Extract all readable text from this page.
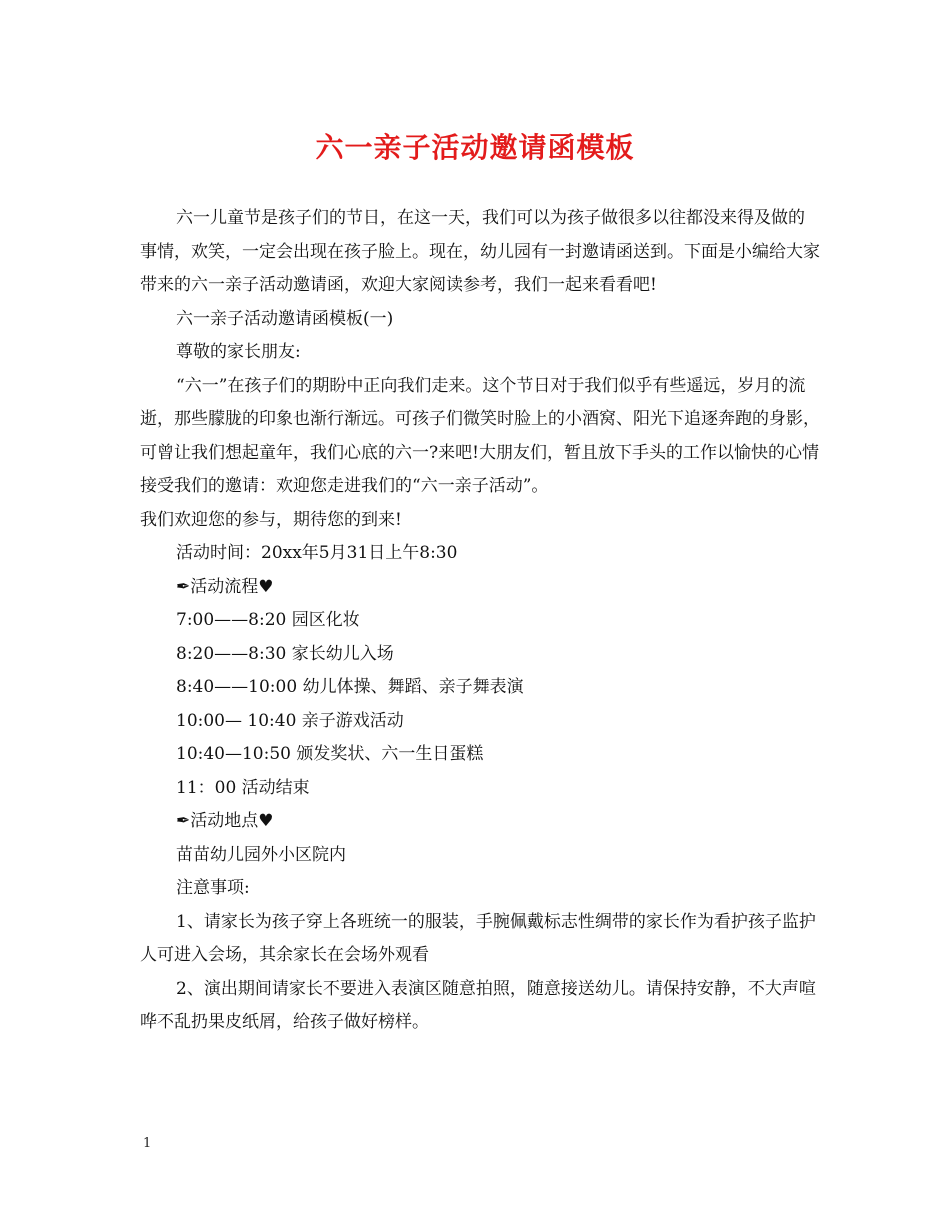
六一亲子活动邀请函模板

六一儿童节是孩子们的节日，在这一天，我们可以为孩子做很多以往都没来得及做的事情，欢笑，一定会出现在孩子脸上。现在，幼儿园有一封邀请函送到。下面是小编给大家带来的六一亲子活动邀请函，欢迎大家阅读参考，我们一起来看看吧!

六一亲子活动邀请函模板(一)

尊敬的家长朋友:

“六一”在孩子们的期盼中正向我们走来。这个节日对于我们似乎有些遥远，岁月的流逝，那些朦胧的印象也渐行渐远。可孩子们微笑时脸上的小酒窝、阳光下追逐奔跑的身影，可曾让我们想起童年，我们心底的六一?来吧!大朋友们，暂且放下手头的工作以愉快的心情接受我们的邀请：欢迎您走进我们的“六一亲子活动”。

我们欢迎您的参与，期待您的到来!

活动时间：20xx年5月31日上午8:30

✒活动流程♥

7:00——8:20 园区化妆

8:20——8:30 家长幼儿入场

8:40——10:00 幼儿体操、舞蹈、亲子舞表演

10:00— 10:40 亲子游戏活动

10:40—10:50 颁发奖状、六一生日蛋糕

11：00 活动结束

✒活动地点♥

苗苗幼儿园外小区院内

注意事项:

1、请家长为孩子穿上各班统一的服装，手腕佩戴标志性绸带的家长作为看护孩子监护人可进入会场，其余家长在会场外观看

2、演出期间请家长不要进入表演区随意拍照，随意接送幼儿。请保持安静，不大声喧哗不乱扔果皮纸屑，给孩子做好榜样。

1
